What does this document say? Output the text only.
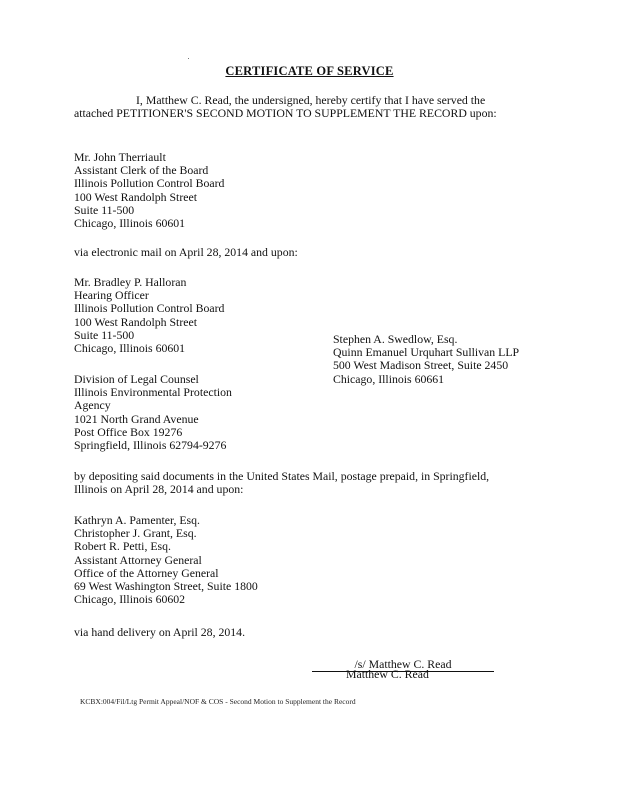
CERTIFICATE OF SERVICE
I, Matthew C. Read, the undersigned, hereby certify that I have served the attached PETITIONER'S SECOND MOTION TO SUPPLEMENT THE RECORD upon:
Mr. John Therriault
Assistant Clerk of the Board
Illinois Pollution Control Board
100 West Randolph Street
Suite 11-500
Chicago, Illinois 60601
via electronic mail on April 28, 2014 and upon:
Mr. Bradley P. Halloran
Hearing Officer
Illinois Pollution Control Board
100 West Randolph Street
Suite 11-500
Chicago, Illinois 60601
Stephen A. Swedlow, Esq.
Quinn Emanuel Urquhart Sullivan LLP
500 West Madison Street, Suite 2450
Chicago, Illinois 60661
Division of Legal Counsel
Illinois Environmental Protection
Agency
1021 North Grand Avenue
Post Office Box 19276
Springfield, Illinois 62794-9276
by depositing said documents in the United States Mail, postage prepaid, in Springfield, Illinois on April 28, 2014 and upon:
Kathryn A. Pamenter, Esq.
Christopher J. Grant, Esq.
Robert R. Petti, Esq.
Assistant Attorney General
Office of the Attorney General
69 West Washington Street, Suite 1800
Chicago, Illinois 60602
via hand delivery on April 28, 2014.
/s/ Matthew C. Read
Matthew C. Read
KCBX:004/Fil/Ltg Permit Appeal/NOF & COS - Second Motion to Supplement the Record
